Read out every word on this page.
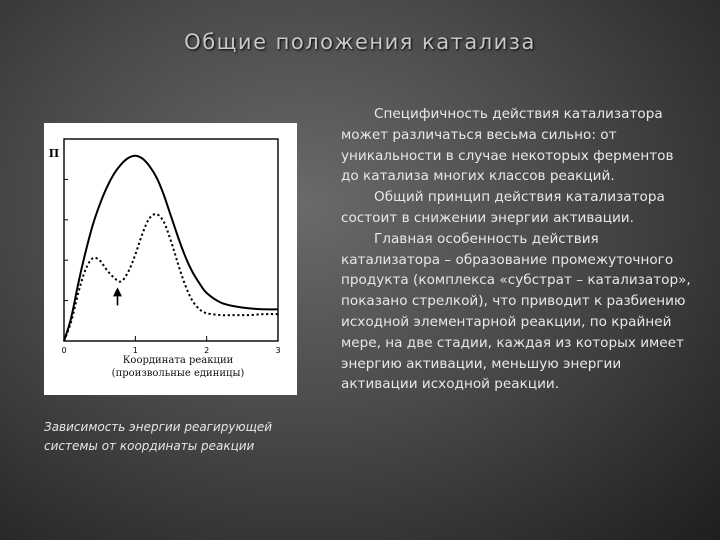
Общие положения катализа
Π
0	1	2	3
Координата реакции
(произвольные единицы)
Зависимость энергии реагирующей системы от координаты реакции

Специфичность действия катализатора может различаться весьма сильно: от уникальности в случае некоторых ферментов до катализа многих классов реакций.

Общий принцип действия катализатора состоит в снижении энергии активации.

Главная особенность действия катализатора – образование промежуточного продукта (комплекса «субстрат – катализатор», показано стрелкой), что приводит к разбиению исходной элементарной реакции, по крайней мере, на две стадии, каждая из которых имеет энергию активации, меньшую энергии активации исходной реакции.
